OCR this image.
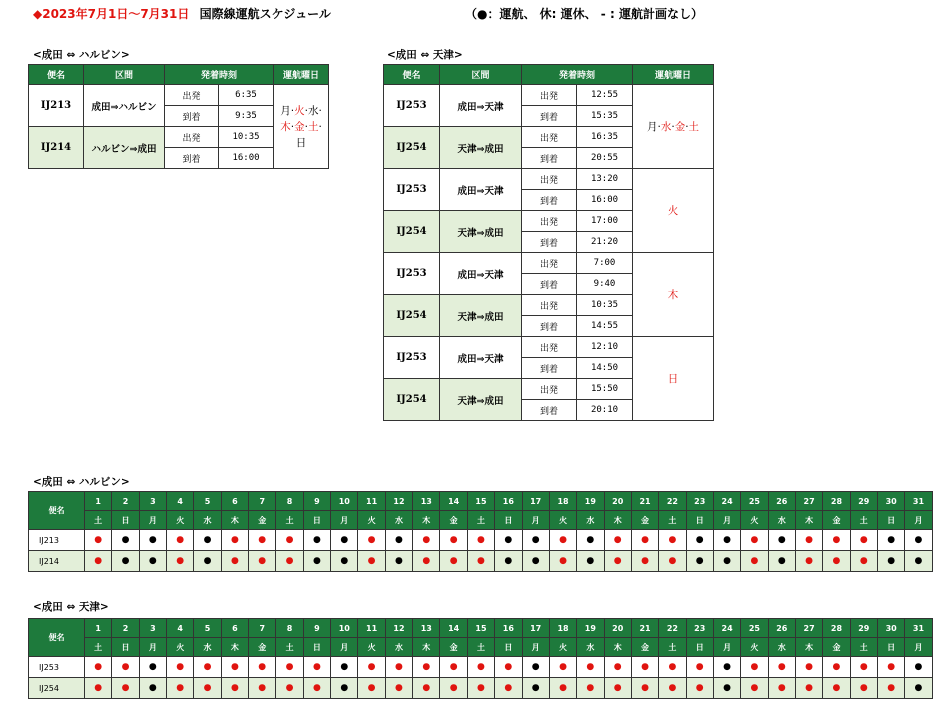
◆2023年7月1日～7月31日 国際線運航スケジュール	（●：運航、 休: 運休、 - : 運航計画なし）
<成田 ⇔ ハルビン>
便名	区間	発着時刻		運航曜日
IJ213	成田⇒ハルビン	出発	6:35	月·火·水·木·金·土·日
		到着	9:35	
IJ214	ハルビン⇒成田	出発	10:35	
		到着	16:00	
<成田 ⇔ 天津>
便名	区間	発着時刻		運航曜日
IJ253	成田⇒天津	出発	12:55	月·水·金·土
		到着	15:35	
IJ254	天津⇒成田	出発	16:35	
		到着	20:55	
IJ253	成田⇒天津	出発	13:20	火
		到着	16:00	
IJ254	天津⇒成田	出発	17:00	
		到着	21:20	
IJ253	成田⇒天津	出発	7:00	木
		到着	9:40	
IJ254	天津⇒成田	出発	10:35	
		到着	14:55	
IJ253	成田⇒天津	出発	12:10	日
		到着	14:50	
IJ254	天津⇒成田	出発	15:50	
		到着	20:10	
<成田 ⇔ ハルビン>
便名	1	2	3	4	5	6	7	8	9	10	11	12	13	14	15	16	17	18	19	20	21	22	23	24	25	26	27	28	29	30	31
	土	日	月	火	水	木	金	土	日	月	火	水	木	金	土	日	月	火	水	木	金	土	日	月	火	水	木	金	土	日	月
IJ213	●	●	●	●	●	●	●	●	●	●	●	●	●	●	●	●	●	●	●	●	●	●	●	●	●	●	●	●	●	●	●
IJ214	●	●	●	●	●	●	●	●	●	●	●	●	●	●	●	●	●	●	●	●	●	●	●	●	●	●	●	●	●	●	●
<成田 ⇔ 天津>
便名	1	2	3	4	5	6	7	8	9	10	11	12	13	14	15	16	17	18	19	20	21	22	23	24	25	26	27	28	29	30	31
	土	日	月	火	水	木	金	土	日	月	火	水	木	金	土	日	月	火	水	木	金	土	日	月	火	水	木	金	土	日	月
IJ253	●	●	●	●	●	●	●	●	●	●	●	●	●	●	●	●	●	●	●	●	●	●	●	●	●	●	●	●	●	●	●
IJ254	●	●	●	●	●	●	●	●	●	●	●	●	●	●	●	●	●	●	●	●	●	●	●	●	●	●	●	●	●	●	●
